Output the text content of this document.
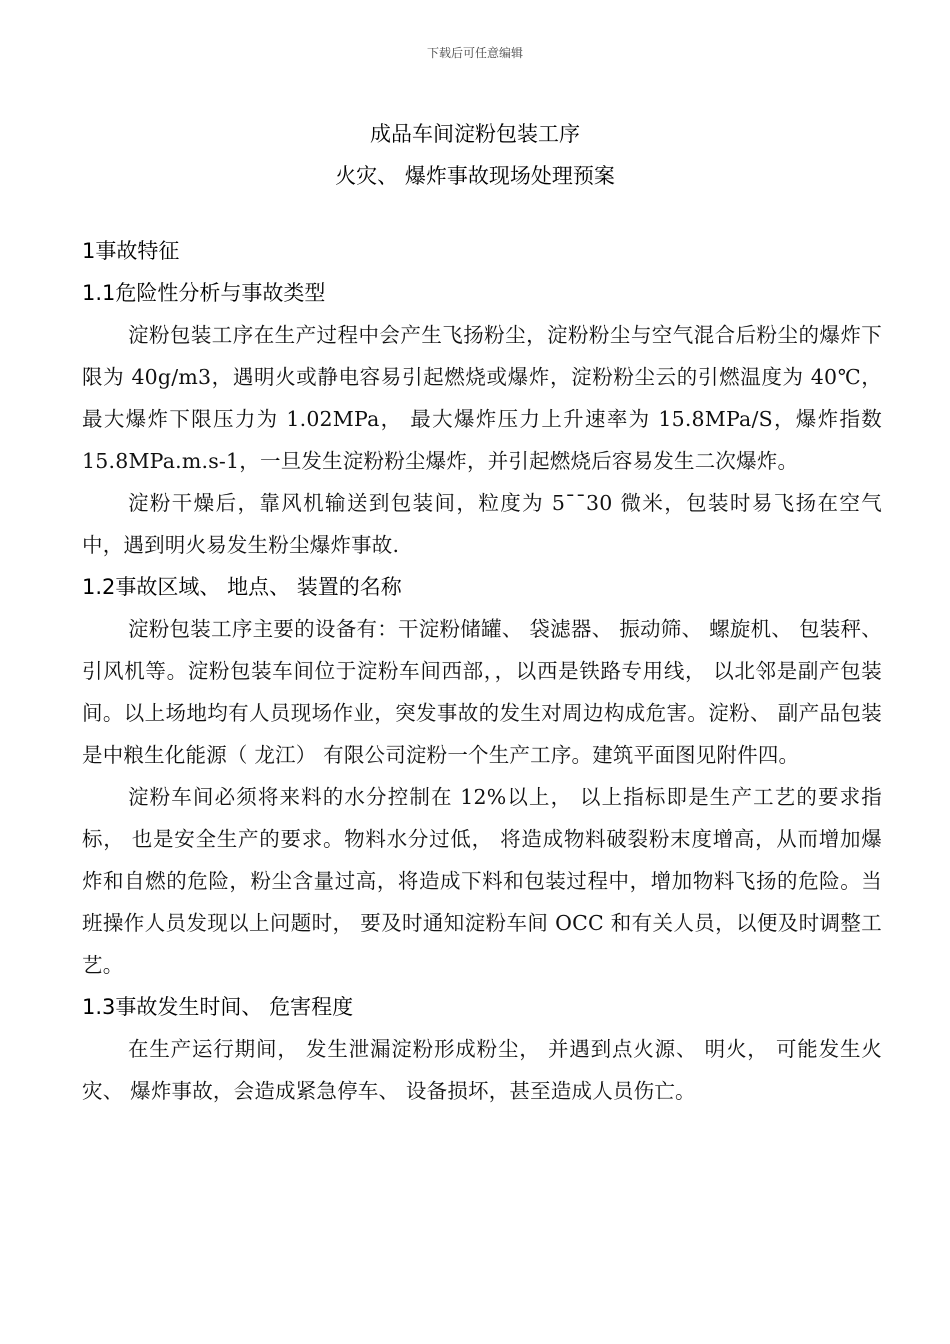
下载后可任意编辑
成品车间淀粉包装工序
火灾、 爆炸事故现场处理预案

1事故特征

1.1危险性分析与事故类型

淀粉包装工序在生产过程中会产生飞扬粉尘，淀粉粉尘与空气混合后粉尘的爆炸下限为 40g/m3，遇明火或静电容易引起燃烧或爆炸，淀粉粉尘云的引燃温度为 40℃， 最大爆炸下限压力为 1.02MPa， 最大爆炸压力上升速率为 15.8MPa/S，爆炸指数 15.8MPa.m.s-1，一旦发生淀粉粉尘爆炸，并引起燃烧后容易发生二次爆炸。

淀粉干燥后，靠风机输送到包装间，粒度为 5¯¯30 微米，包装时易飞扬在空气中，遇到明火易发生粉尘爆炸事故.

1.2事故区域、 地点、 装置的名称

淀粉包装工序主要的设备有：干淀粉储罐、 袋滤器、 振动筛、 螺旋机、 包装秤、 引风机等。淀粉包装车间位于淀粉车间西部，，以西是铁路专用线， 以北邻是副产包装间。以上场地均有人员现场作业，突发事故的发生对周边构成危害。淀粉、 副产品包装是中粮生化能源（ 龙江） 有限公司淀粉一个生产工序。建筑平面图见附件四。

淀粉车间必须将来料的水分控制在 12%以上， 以上指标即是生产工艺的要求指标， 也是安全生产的要求。物料水分过低， 将造成物料破裂粉末度增高，从而增加爆炸和自燃的危险，粉尘含量过高，将造成下料和包装过程中，增加物料飞扬的危险。当班操作人员发现以上问题时， 要及时通知淀粉车间 OCC 和有关人员，以便及时调整工艺。

1.3事故发生时间、 危害程度

在生产运行期间， 发生泄漏淀粉形成粉尘， 并遇到点火源、 明火， 可能发生火灾、 爆炸事故，会造成紧急停车、 设备损坏，甚至造成人员伤亡。
